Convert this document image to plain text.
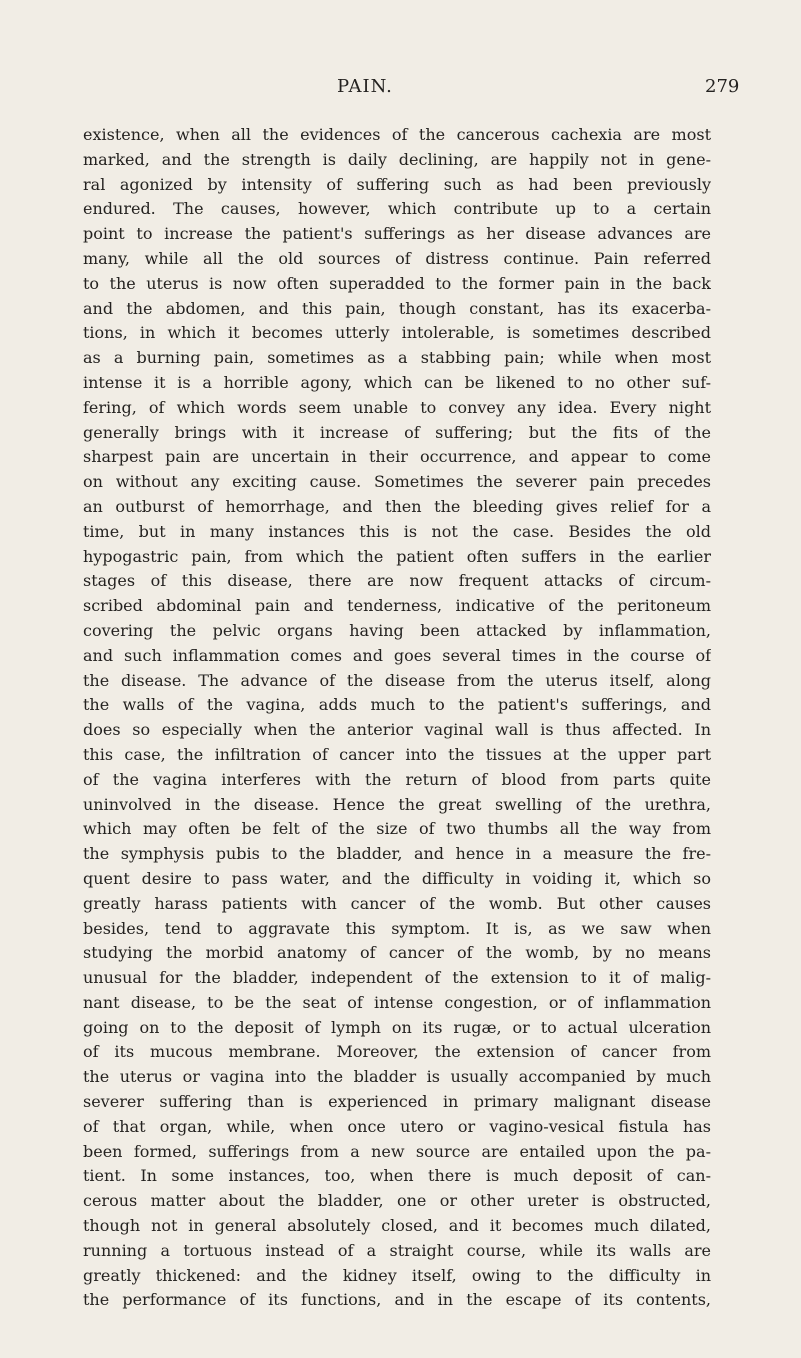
PAIN.	279
existence, when all the evidences of the cancerous cachexia are most
marked, and the strength is daily declining, are happily not in gene-
ral agonized by intensity of suffering such as had been previously
endured. The causes, however, which contribute up to a certain
point to increase the patient's sufferings as her disease advances are
many, while all the old sources of distress continue. Pain referred
to the uterus is now often superadded to the former pain in the back
and the abdomen, and this pain, though constant, has its exacerba-
tions, in which it becomes utterly intolerable, is sometimes described
as a burning pain, sometimes as a stabbing pain; while when most
intense it is a horrible agony, which can be likened to no other suf-
fering, of which words seem unable to convey any idea. Every night
generally brings with it increase of suffering; but the fits of the
sharpest pain are uncertain in their occurrence, and appear to come
on without any exciting cause. Sometimes the severer pain precedes
an outburst of hemorrhage, and then the bleeding gives relief for a
time, but in many instances this is not the case. Besides the old
hypogastric pain, from which the patient often suffers in the earlier
stages of this disease, there are now frequent attacks of circum-
scribed abdominal pain and tenderness, indicative of the peritoneum
covering the pelvic organs having been attacked by inflammation,
and such inflammation comes and goes several times in the course of
the disease. The advance of the disease from the uterus itself, along
the walls of the vagina, adds much to the patient's sufferings, and
does so especially when the anterior vaginal wall is thus affected. In
this case, the infiltration of cancer into the tissues at the upper part
of the vagina interferes with the return of blood from parts quite
uninvolved in the disease. Hence the great swelling of the urethra,
which may often be felt of the size of two thumbs all the way from
the symphysis pubis to the bladder, and hence in a measure the fre-
quent desire to pass water, and the difficulty in voiding it, which so
greatly harass patients with cancer of the womb. But other causes
besides, tend to aggravate this symptom. It is, as we saw when
studying the morbid anatomy of cancer of the womb, by no means
unusual for the bladder, independent of the extension to it of malig-
nant disease, to be the seat of intense congestion, or of inflammation
going on to the deposit of lymph on its rugæ, or to actual ulceration
of its mucous membrane. Moreover, the extension of cancer from
the uterus or vagina into the bladder is usually accompanied by much
severer suffering than is experienced in primary malignant disease
of that organ, while, when once utero or vagino-vesical fistula has
been formed, sufferings from a new source are entailed upon the pa-
tient. In some instances, too, when there is much deposit of can-
cerous matter about the bladder, one or other ureter is obstructed,
though not in general absolutely closed, and it becomes much dilated,
running a tortuous instead of a straight course, while its walls are
greatly thickened: and the kidney itself, owing to the difficulty in
the performance of its functions, and in the escape of its contents,
